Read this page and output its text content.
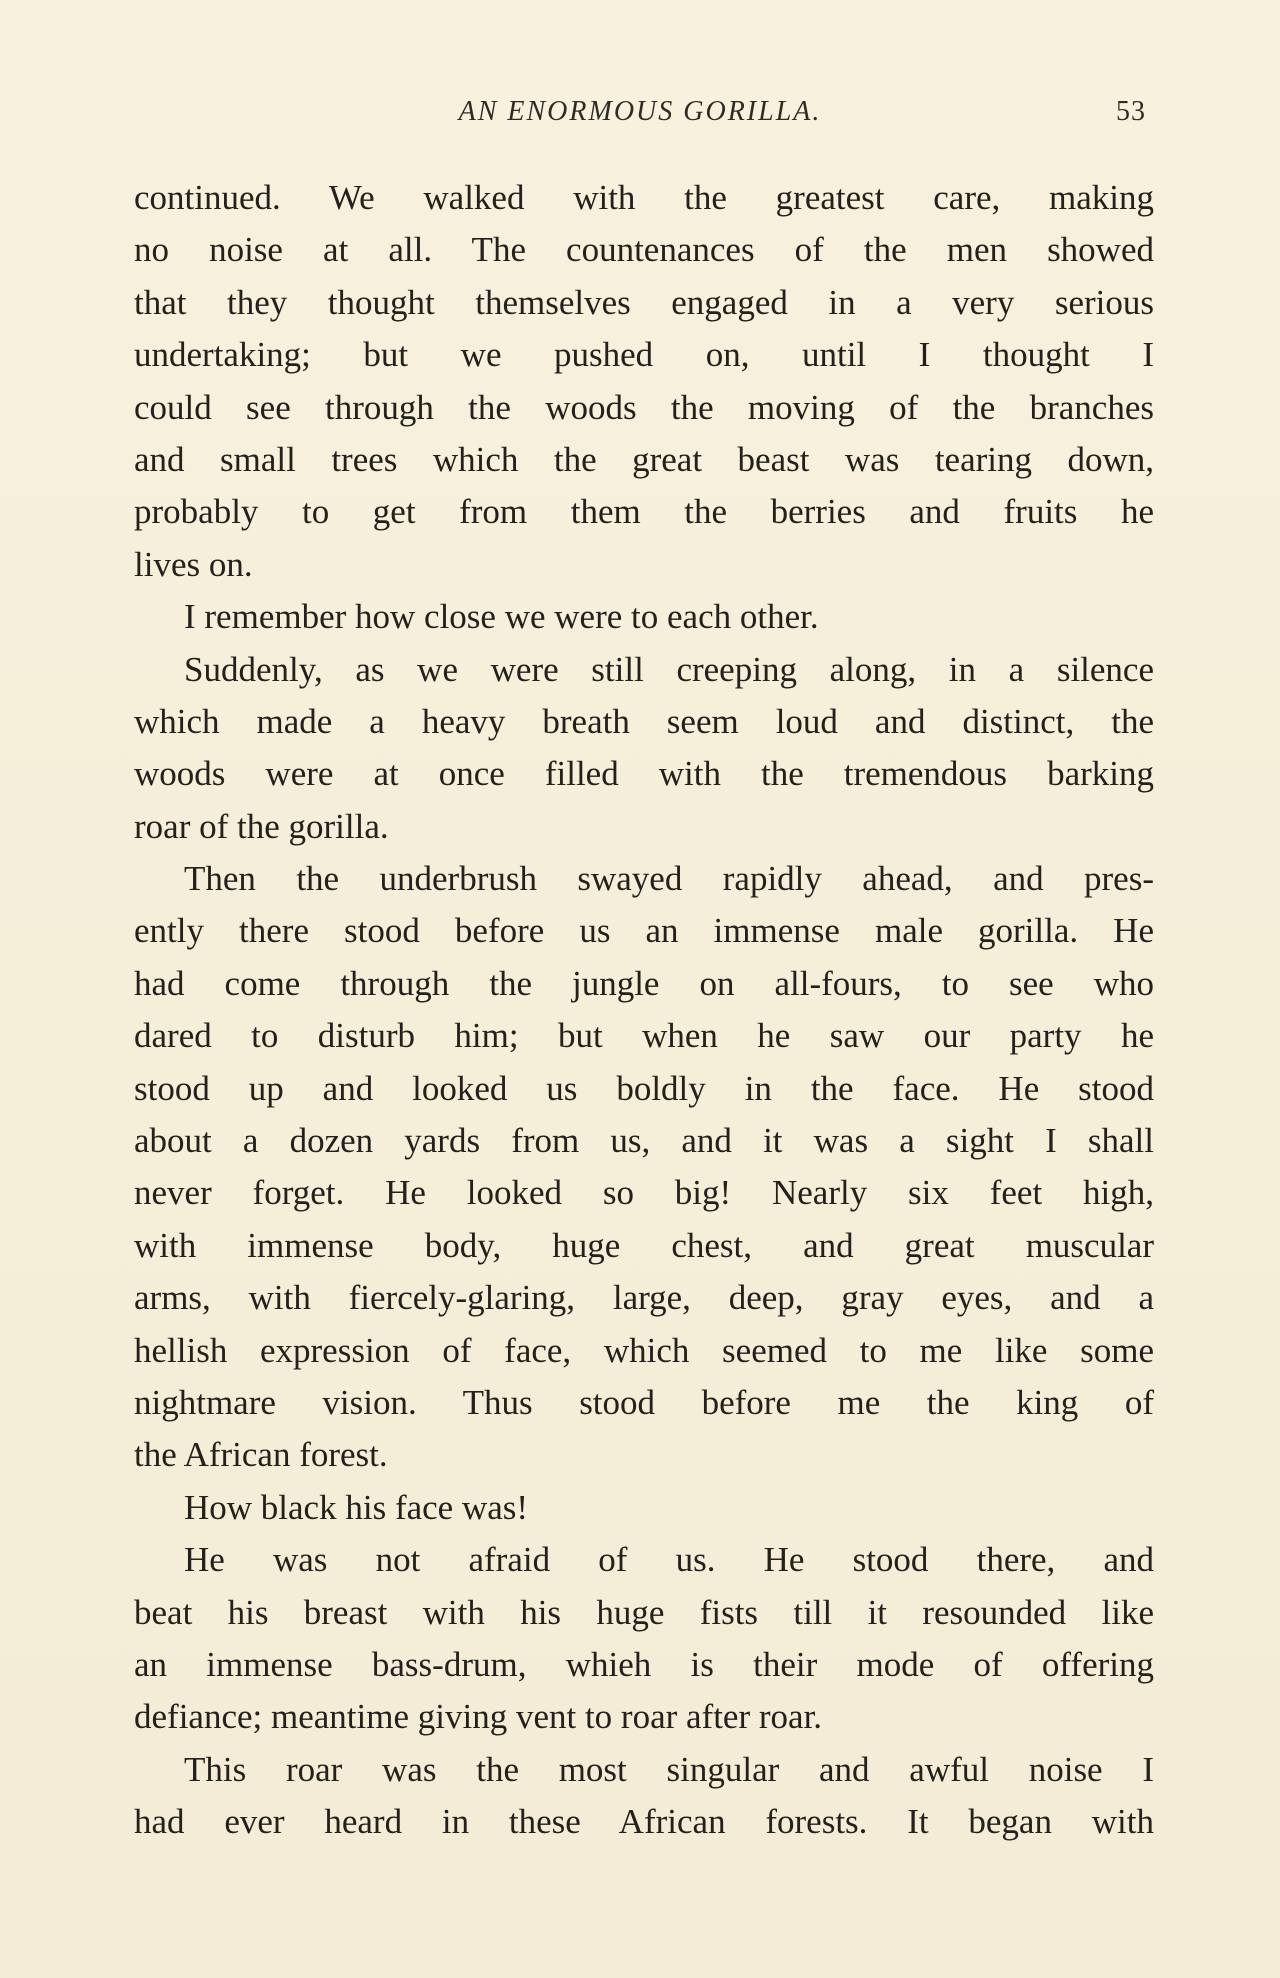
AN ENORMOUS GORILLA.	53
continued. We walked with the greatest care, making
no noise at all. The countenances of the men showed
that they thought themselves engaged in a very serious
undertaking; but we pushed on, until I thought I
could see through the woods the moving of the branches
and small trees which the great beast was tearing down,
probably to get from them the berries and fruits he
lives on.
I remember how close we were to each other.
Suddenly, as we were still creeping along, in a silence
which made a heavy breath seem loud and distinct, the
woods were at once filled with the tremendous barking
roar of the gorilla.
Then the underbrush swayed rapidly ahead, and pres-
ently there stood before us an immense male gorilla. He
had come through the jungle on all-fours, to see who
dared to disturb him; but when he saw our party he
stood up and looked us boldly in the face. He stood
about a dozen yards from us, and it was a sight I shall
never forget. He looked so big! Nearly six feet high,
with immense body, huge chest, and great muscular
arms, with fiercely-glaring, large, deep, gray eyes, and a
hellish expression of face, which seemed to me like some
nightmare vision. Thus stood before me the king of
the African forest.
How black his face was!
He was not afraid of us. He stood there, and
beat his breast with his huge fists till it resounded like
an immense bass-drum, whieh is their mode of offering
defiance; meantime giving vent to roar after roar.
This roar was the most singular and awful noise I
had ever heard in these African forests. It began with
